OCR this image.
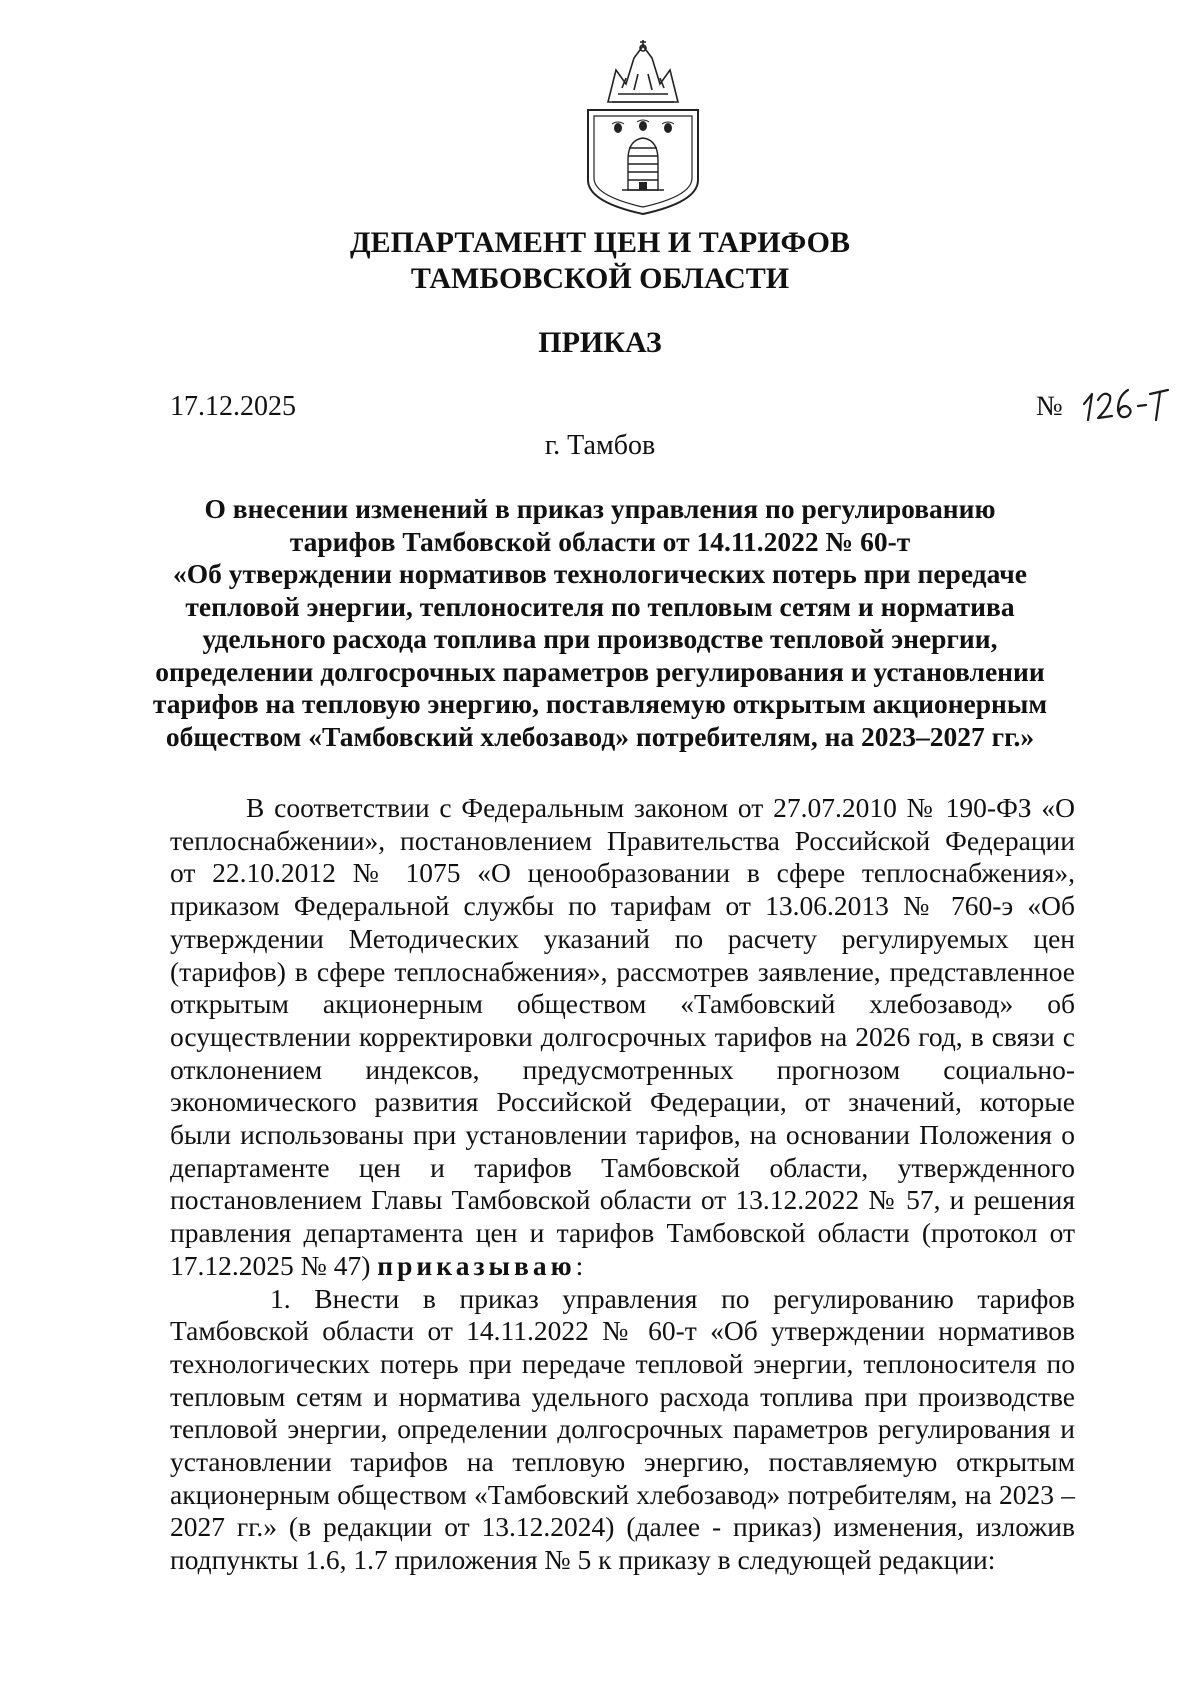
ДЕПАРТАМЕНТ ЦЕН И ТАРИФОВ
ТАМБОВСКОЙ ОБЛАСТИ
ПРИКАЗ
17.12.2025	№
г. Тамбов
О внесении изменений в приказ управления по регулированию
тарифов Тамбовской области от 14.11.2022 № 60-т
«Об утверждении нормативов технологических потерь при передаче
тепловой энергии, теплоносителя по тепловым сетям и норматива
удельного расхода топлива при производстве тепловой энергии,
определении долгосрочных параметров регулирования и установлении
тарифов на тепловую энергию, поставляемую открытым акционерным
обществом «Тамбовский хлебозавод» потребителям, на 2023–2027 гг.»

В соответствии с Федеральным законом от 27.07.2010 № 190-ФЗ «О теплоснабжении», постановлением Правительства Российской Федерации от 22.10.2012 № 1075 «О ценообразовании в сфере теплоснабжения», приказом Федеральной службы по тарифам от 13.06.2013 № 760-э «Об утверждении Методических указаний по расчету регулируемых цен (тарифов) в сфере теплоснабжения», рассмотрев заявление, представленное открытым акционерным обществом «Тамбовский хлебозавод» об осуществлении корректировки долгосрочных тарифов на 2026 год, в связи с отклонением индексов, предусмотренных прогнозом социально-экономического развития Российской Федерации, от значений, которые были использованы при установлении тарифов, на основании Положения о департаменте цен и тарифов Тамбовской области, утвержденного постановлением Главы Тамбовской области от 13.12.2022 № 57, и решения правления департамента цен и тарифов Тамбовской области (протокол от 17.12.2025 № 47) приказываю:

1. Внести в приказ управления по регулированию тарифов Тамбовской области от 14.11.2022 № 60-т «Об утверждении нормативов технологических потерь при передаче тепловой энергии, теплоносителя по тепловым сетям и норматива удельного расхода топлива при производстве тепловой энергии, определении долгосрочных параметров регулирования и установлении тарифов на тепловую энергию, поставляемую открытым акционерным обществом «Тамбовский хлебозавод» потребителям, на 2023 – 2027 гг.» (в редакции от 13.12.2024) (далее - приказ) изменения, изложив подпункты 1.6, 1.7 приложения № 5 к приказу в следующей редакции:
